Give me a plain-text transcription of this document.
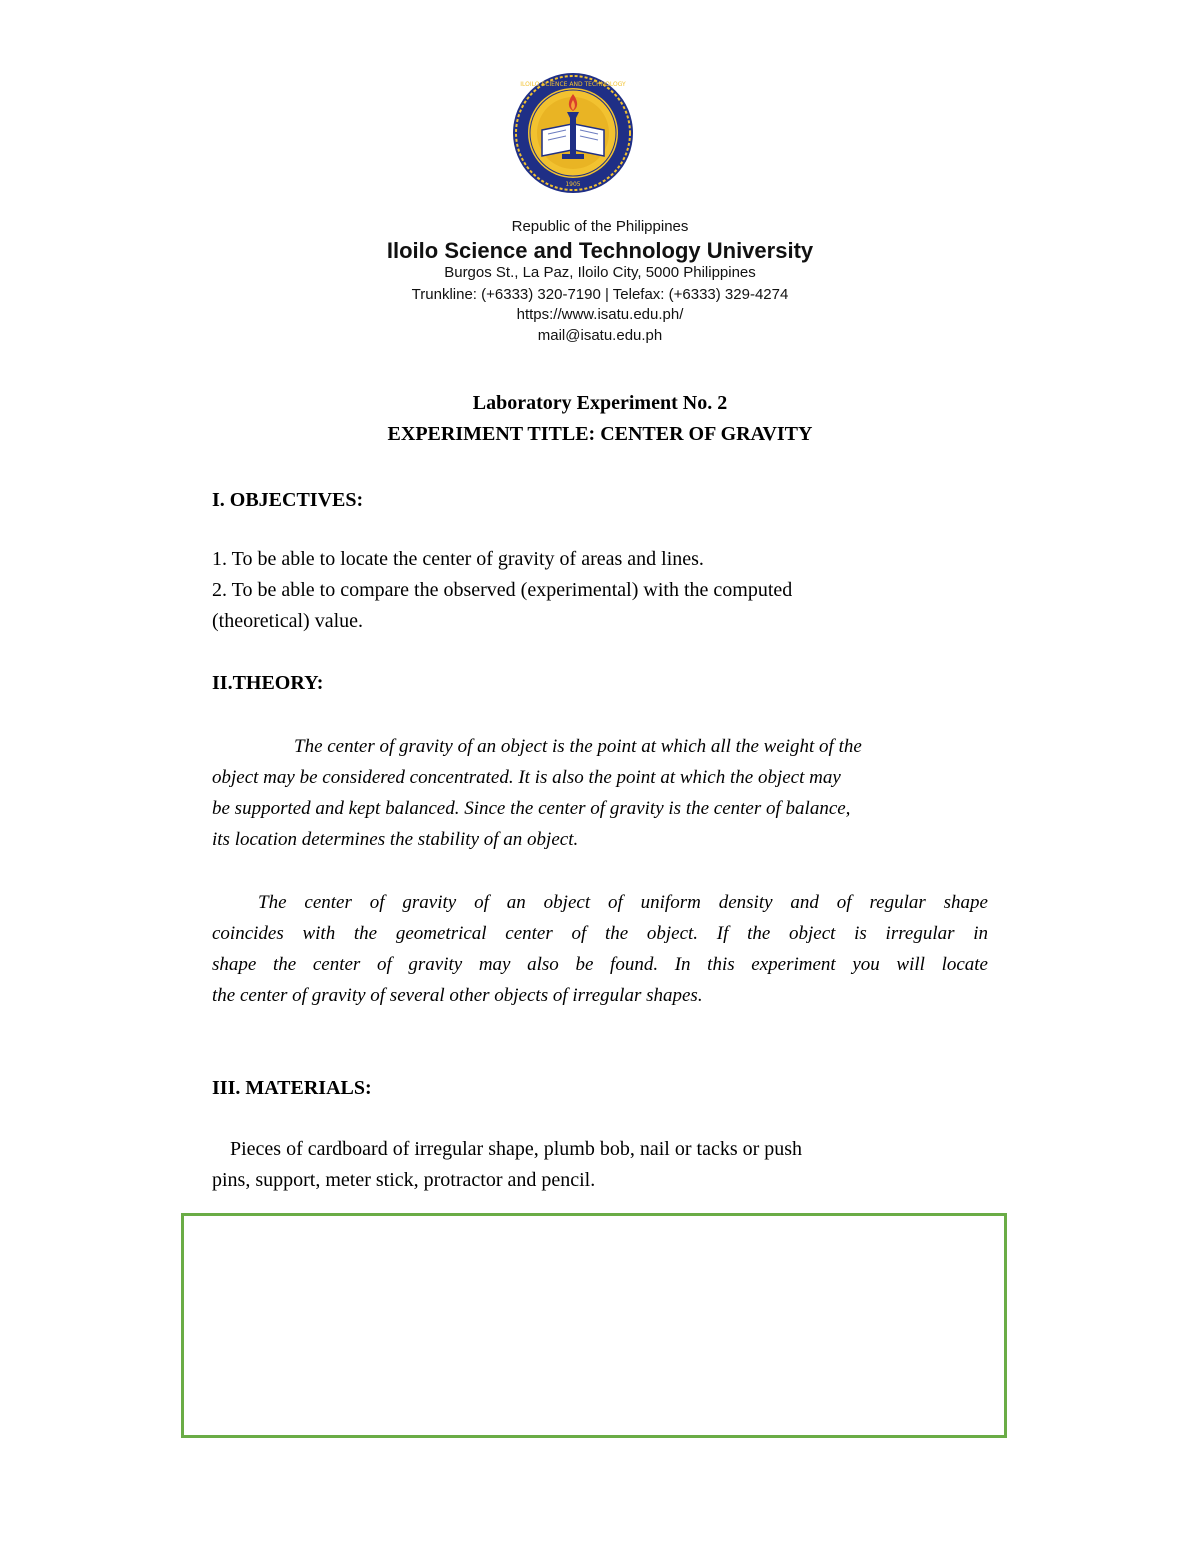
ILOILO SCIENCE AND TECHNOLOGY
1905
Republic of the Philippines
Iloilo Science and Technology University
Burgos St., La Paz, Iloilo City, 5000 Philippines
Trunkline: (+6333) 320-7190 | Telefax: (+6333) 329-4274
https://www.isatu.edu.ph/
mail@isatu.edu.ph
Laboratory Experiment No. 2
EXPERIMENT TITLE: CENTER OF GRAVITY
I. OBJECTIVES:
1. To be able to locate the center of gravity of areas and lines.
2. To be able to compare the observed (experimental) with the computed
(theoretical) value.
II.THEORY:
The center of gravity of an object is the point at which all the weight of the
object may be considered concentrated. It is also the point at which the object may
be supported and kept balanced. Since the center of gravity is the center of balance,
its location determines the stability of an object.
The center of gravity of an object of uniform density and of regular shape
coincides with the geometrical center of the object. If the object is irregular in
shape the center of gravity may also be found. In this experiment you will locate
the center of gravity of several other objects of irregular shapes.
III. MATERIALS:
Pieces of cardboard of irregular shape, plumb bob, nail or tacks or push
pins, support, meter stick, protractor and pencil.
